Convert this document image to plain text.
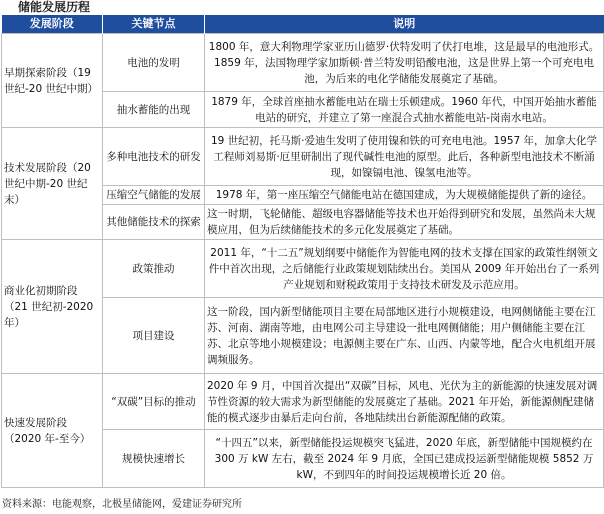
储能发展历程
发展阶段	关键节点	说明
早期探索阶段（19 世纪-20 世纪中期）	电池的发明	1800 年，意大利物理学家亚历山德罗·伏特发明了伏打电堆，这是最早的电池形式。1859 年，法国物理学家加斯顿·普兰特发明铅酸电池，这是世界上第一个可充电电池，为后来的电化学储能发展奠定了基础。
	抽水蓄能的出现	1879 年，全球首座抽水蓄能电站在瑞士乐顿建成。1960 年代，中国开始抽水蓄能电站的研究，并建立了第一座混合式抽水蓄能电站-岗南水电站。
技术发展阶段（20 世纪中期-20 世纪末）	多种电池技术的研发	19 世纪初，托马斯·爱迪生发明了使用镍和铁的可充电电池。1957 年，加拿大化学工程师刘易斯·厄里研制出了现代碱性电池的原型。此后，各种新型电池技术不断涌现，如镍镉电池、镍氢电池等。
	压缩空气储能的发展	1978 年，第一座压缩空气储能电站在德国建成，为大规模储能提供了新的途径。
	其他储能技术的探索	这一时期，飞轮储能、超级电容器储能等技术也开始得到研究和发展，虽然尚未大规模应用，但为后续储能技术的多元化发展奠定了基础。
商业化初期阶段（21 世纪初-2020 年）	政策推动	2011 年，“十二五”规划纲要中储能作为智能电网的技术支撑在国家的政策性纲领文件中首次出现，之后储能行业政策规划陆续出台。美国从 2009 年开始出台了一系列产业规划和财税政策用于支持技术研发及示范应用。
	项目建设	这一阶段，国内新型储能项目主要在局部地区进行小规模建设，电网侧储能主要在江苏、河南、湖南等地，由电网公司主导建设一批电网侧储能；用户侧储能主要在江苏、北京等地小规模建设；电源侧主要在广东、山西、内蒙等地，配合火电机组开展调频服务。
快速发展阶段（2020 年-至今）	“双碳”目标的推动	2020 年 9 月，中国首次提出“双碳”目标，风电、光伏为主的新能源的快速发展对调节性资源的较大需求为新型储能的发展奠定了基础。2021 年开始，新能源侧配建储能的模式逐步由暴后走向台前，各地陆续出台新能源配储的政策。
	规模快速增长	“十四五”以来，新型储能投运规模突飞猛进，2020 年底，新型储能中国规模约在 300 万 kW 左右，截至 2024 年 9 月底，全国已建成投运新型储能规模 5852 万 kW，不到四年的时间投运规模增长近 20 倍。
资料来源：电能观察，北极星储能网，爱建证券研究所
